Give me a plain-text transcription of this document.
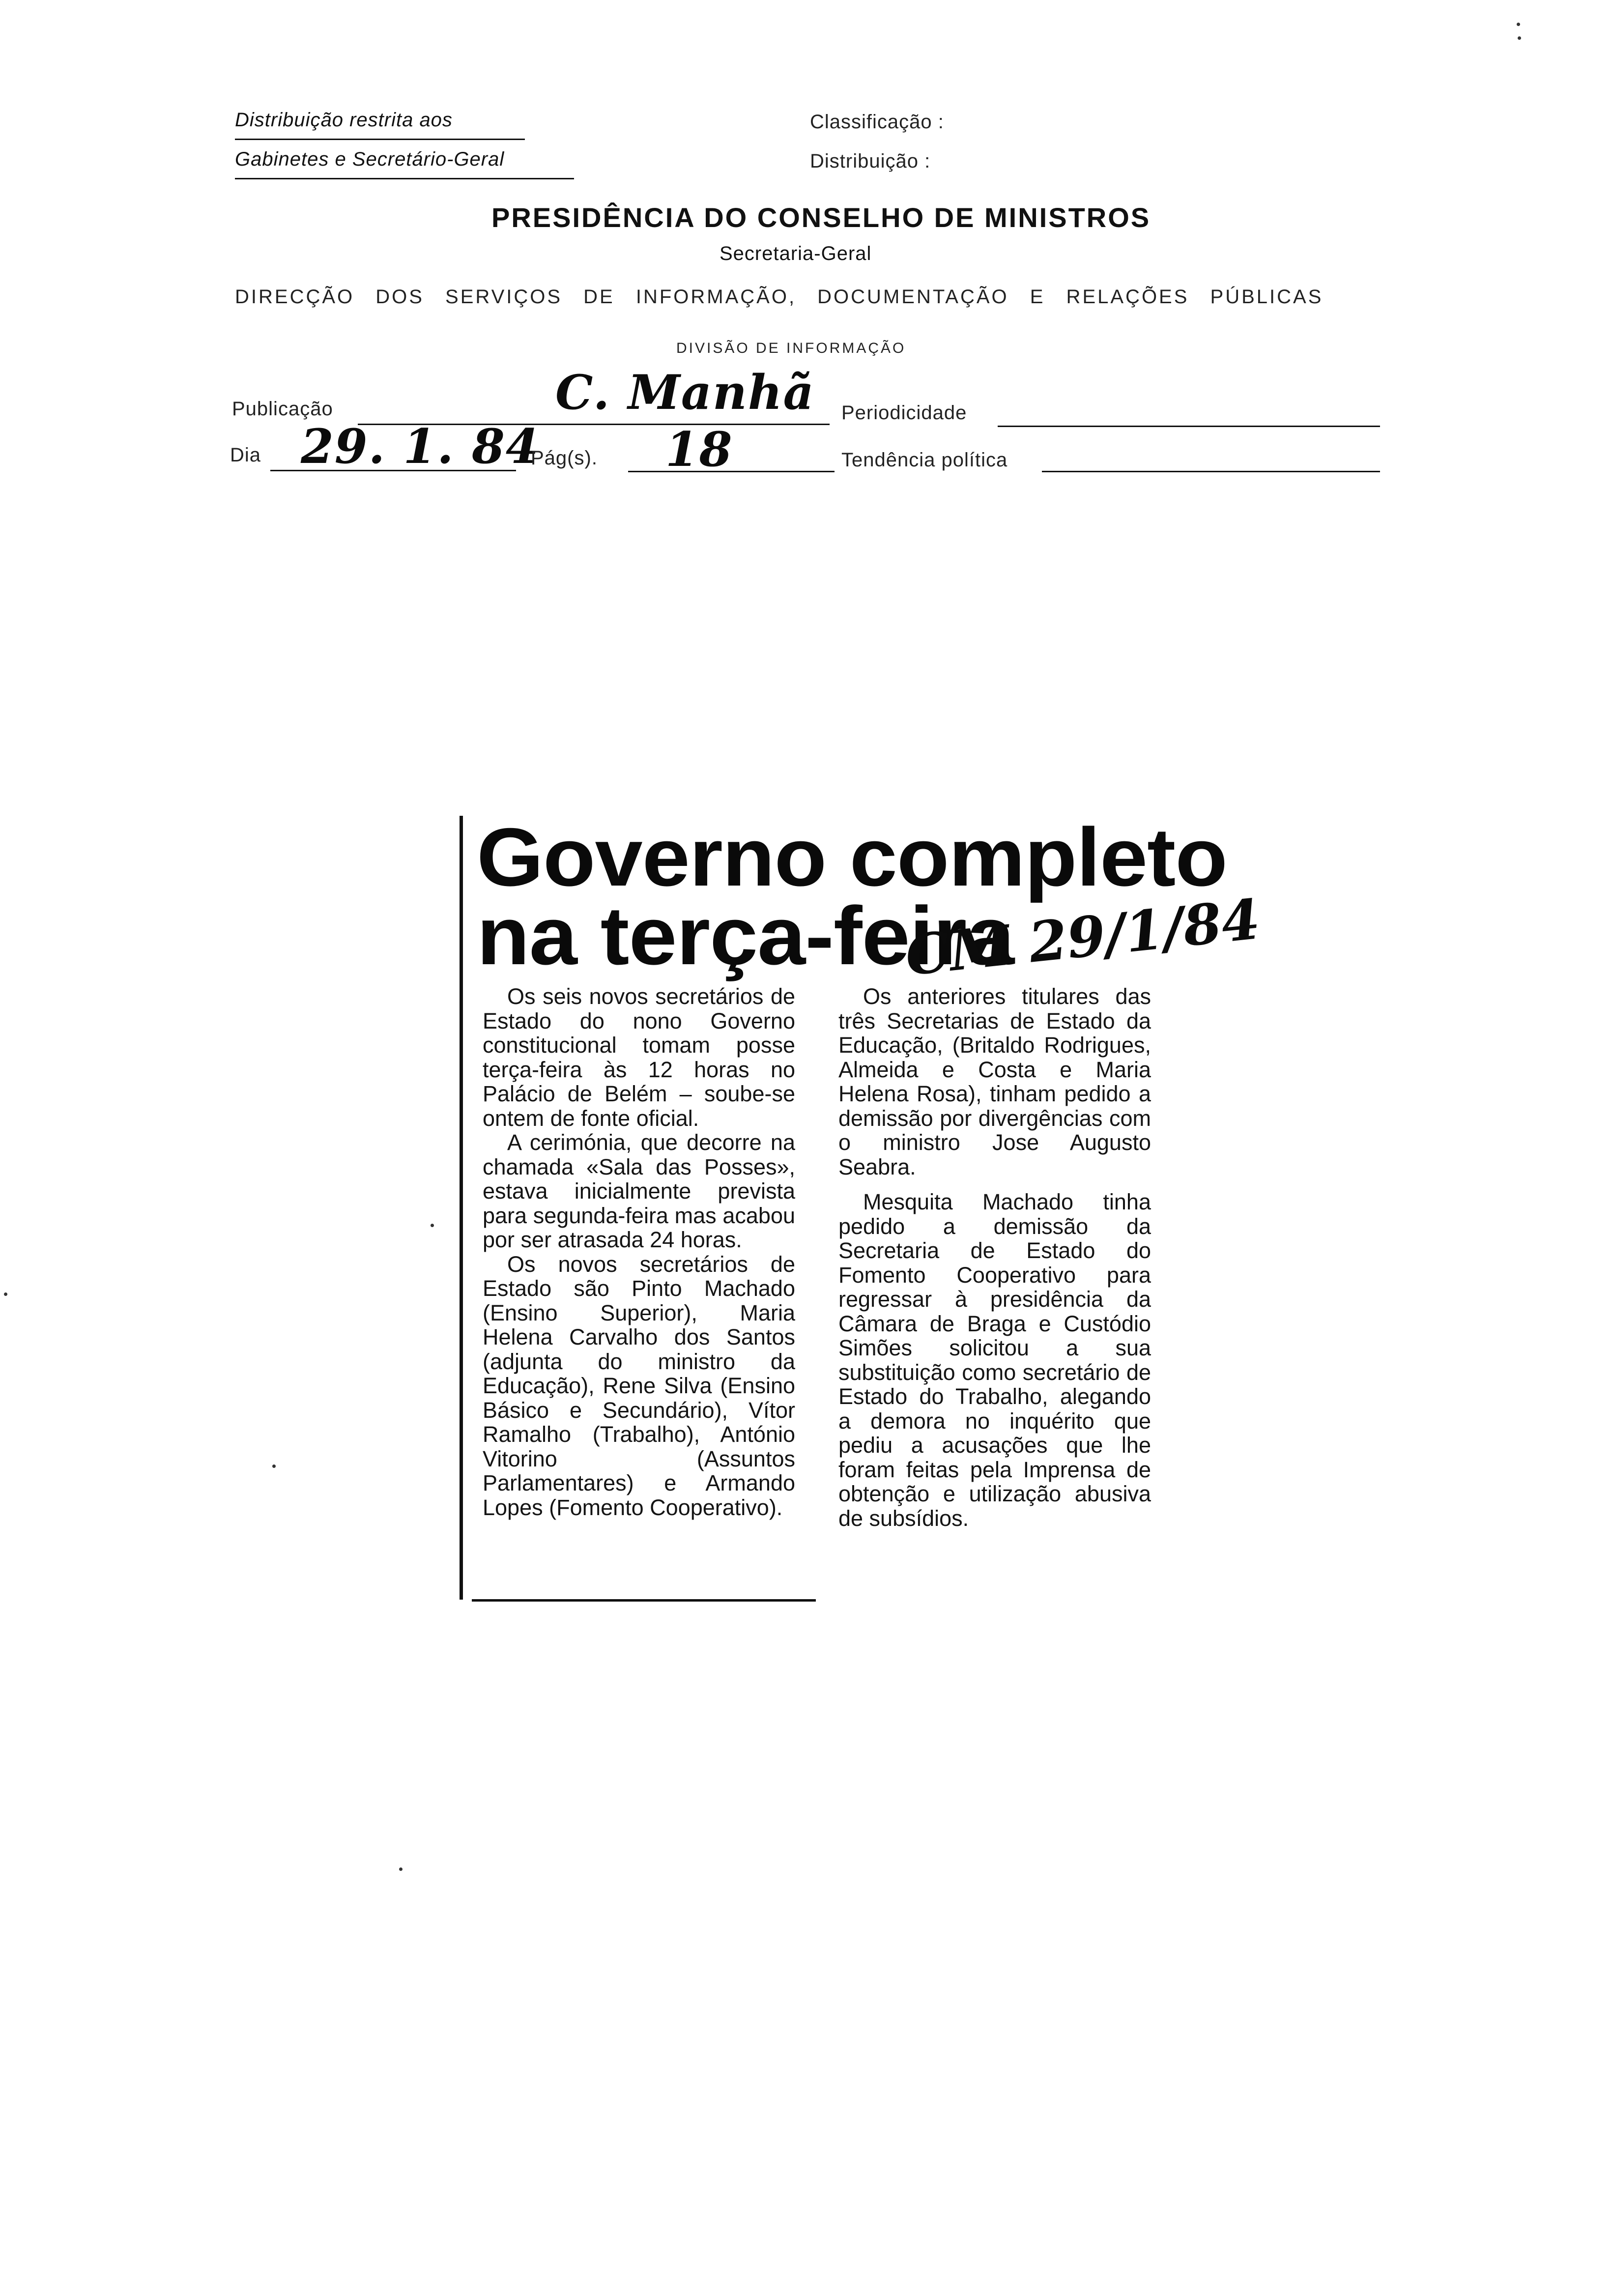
Distribuição restrita aos
Gabinetes e Secretário-Geral
Classificação :
Distribuição :
PRESIDÊNCIA DO CONSELHO DE MINISTROS
Secretaria-Geral
DIRECÇÃO DOS SERVIÇOS DE INFORMAÇÃO, DOCUMENTAÇÃO E RELAÇÕES PÚBLICAS
DIVISÃO DE INFORMAÇÃO
Publicação	C. Manhã Periodicidade
Dia 29. 1. 84
Pág(s). 18	Tendência política
Governo completo
na terça-feira
CM 29/1/84

Os seis novos secretários de Estado do nono Governo constitucional tomam posse terça-feira às 12 horas no Palácio de Belém – soube-se ontem de fonte oficial.

A cerimónia, que decorre na chamada «Sala das Posses», estava inicialmente prevista para segunda-feira mas acabou por ser atrasada 24 horas.

Os novos secretários de Estado são Pinto Machado (Ensino Superior), Maria Helena Carvalho dos Santos (adjunta do ministro da Educação), Rene Silva (Ensino Básico e Secundário), Vítor Ramalho (Trabalho), António Vitorino (Assuntos Parlamentares) e Armando Lopes (Fomento Cooperativo).

Os anteriores titulares das três Secretarias de Estado da Educação, (Britaldo Rodrigues, Almeida e Costa e Maria Helena Rosa), tinham pedido a demissão por divergências com o ministro Jose Augusto Seabra.

Mesquita Machado tinha pedido a demissão da Secretaria de Estado do Fomento Cooperativo para regressar à presidência da Câmara de Braga e Custódio Simões solicitou a sua substituição como secretário de Estado do Trabalho, alegando a demora no inquérito que pediu a acusações que lhe foram feitas pela Imprensa de obtenção e utilização abusiva de subsídios.
